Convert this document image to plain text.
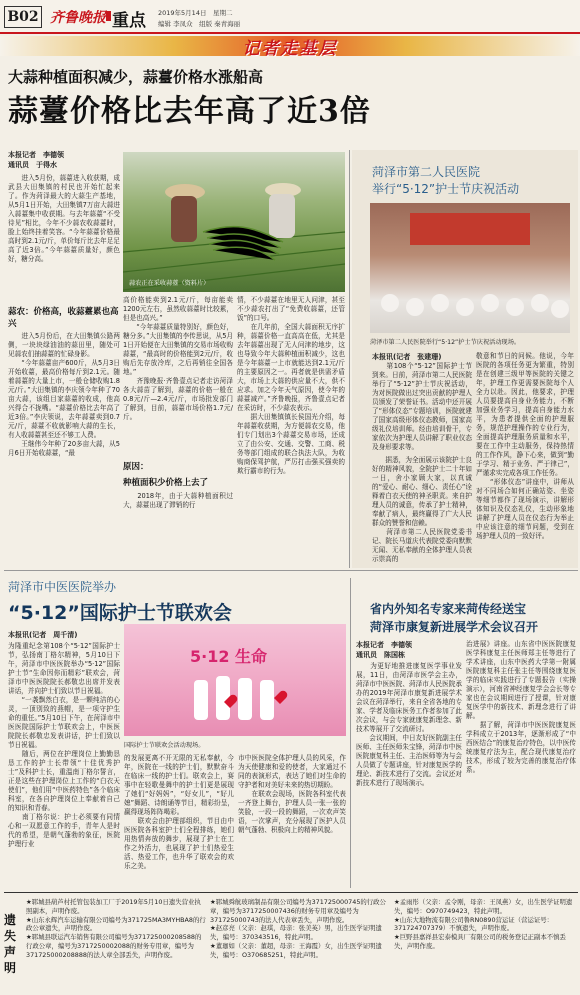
B02 齐鲁晚报 重点 2019年5月14日　星期二
编辑 李凤众　组版 秦青海丽
记者走基层
大蒜种植面积减少，蒜薹价格水涨船高
蒜薹价格比去年高了近3倍
本报记者　李德领
通讯员　于得水
　　进入5月份，蒜薹进入收获期，成武县大田集镇的村民也开始忙起来了。作为菏泽最大的大蒜生产基地，从5月1日开始，大田集镇7万亩大蒜进入蒜薹集中收获期。与去年蒜薹“不受待见”相比，今年不少蒜农收蒜薹时，脸上始终挂着笑容。“今年蒜薹价格最高时到2.1元/斤，单价每斤比去年足足高了近3倍。”今年蒜薹质量好，颜色好，糖分高。
蒜农：价格高，收蒜薹累也高兴
　　进入5月份后，在大田集镇公路两侧，一块块绿油油的蒜田里，随处可见蒜农们抽蒜薹的忙碌身影。
　　“今年蒜薹亩产600斤，从5月3日开始收薹，最高价格每斤到2.1元。随着蒜薹的大量上市，一般仓储收购1.8元/斤。”大田集镇的李庆领今年种了70亩大蒜，该组目家蒜薹的收成，他高兴得合不拢嘴。“蒜薹价格比去年高了近3倍。”李庆领说，去年蒜薹卖到0.7元/斤，蒜薹不收就影响大蒜的生长，有人收蒜薹甚至还不够工人费。
　　王继伟今年种了20多亩大蒜，从5月6日开始收蒜薹，“最
蒜农正在采收蒜薹（资料片）
高价格能卖到2.1元/斤，每亩能卖1200元左右，虽然收蒜薹时比较累，但是也高兴。”
　　“今年蒜薹质量特别好，颜色好，糖分多。”大田集镇的李传思说，从5月1日开始便在大田集镇的交易市场收购蒜薹，“最高时的价格能到2元/斤，收购后先存放冷库，之后再销往全国各地。”
　　齐豫晚报·齐鲁壹点记者走访菏泽各大蒜苗了解到，蒜薹的价格一般在0.8元/斤—2.4元/斤，市场批发部门了解到，目前，蒜薹市场价格1.7元/斤。
原因：
种植面积少价格上去了
　　2018年，由于大蒜种植面积过大，蒜薹出现了滞销的行
情，不少蒜薹在地里无人问津，甚至不少蒜农打出了“免费收蒜薹，还管饭”的口号。
　　在几年前，全国大蒜面积无序扩种，蒜薹价格一直高高在低，尤其是去年蒜薹出现了无人问津的地步，这也导致今年大蒜种植面积减少，这也是今年蒜薹一上市就能达到2.1元/斤的主要原因之一。再者就是供需矛盾大，市场上大蒜的供应量不大，供不应求。加之今年天气原因，使今年的蒜薹减产。”齐鲁晚报，齐鲁壹点记者在采访时，不少蒜农表示。
　　据大田集镇镇长侯国光介绍，每年蒜薹收获期，为方便蒜农交易，他们专门划出3个蒜薹交易市场，还成立了由公安、交通、交警、工商、税务等部门组成的联合执法大队，为收购商保驾护航，严厉打击强买强卖的欺行霸市的行为。
菏泽市第二人民医院
举行“5·12”护士节庆祝活动
菏泽市第二人民医院举行“5·12”护士节庆祝活动现场。
本报讯(记者　张建珊)
　　第108个“5·12”国际护士节到来。日前，菏泽市第二人民医院举行了“5·12”护士节庆祝活动，为对医院做出过突出贡献的护理人员颁发了荣誉证书。活动中还开展了“形体仪态”专题培训，医院就建了国家高级形体仪态教师，国家高级礼仪培训师。经由培训骨干，专家依次为护理人员讲解了职业仪态及身形要求等。
　　据悉，为全面展示该院护士良好的精神风貌，全院护士二十年如一日，舍小家顾大家，以真诚的“爱心、耐心、细心、责任心”诠释着白衣天使的神圣职责。来自护理人员的诚意，传承了护士精神，奉献了病人，最终赢得了广大人民群众的赞誉和信赖。
　　菏泽市第二人民医院党委书记、院长马道庆代表院党委向默默无闻、无私奉献的全体护理人员表示崇高的
敬意和节日的问候。他说，今年医院的各项任务更为繁重，特别是在创建三级甲等医院的关键之年，护理工作更需要医院每个人全力以赴。因此，他要求，护理人员要提高自身业务能力，不断加强业务学习，提高自身能力水平，为患者提供全面的护理服务，规范护理操作的专业行为，全面提高护理服务质量和水平，要在工作中主动服务，保持热情的工作作风，静下心来，做到“勤于学习、精于业务、严于律己”，严谨求实完成各项工作任务。
　　“形体仪态”讲座中，讲师从对不同场合如何正确站姿、坐姿等细节都作了现场演示，讲解形体知识及仪态礼仪，生动形象地讲解了护理人员在仪态行为举止中应该注意的细节问题，受到在场护理人员的一致好评。
菏泽市中医医院举办
“5·12”国际护士节联欢会
本报讯(记者　周千清)
为隆重纪念第108个“5·12”国际护士节，弘扬南丁格尔精神，5月10日下午，菏泽市中医医院举办“5·12”国际护士节“生命因你而精彩”联欢会，菏泽市中医医院院长郝敬忠出席并发表讲话，并向护士们致以节日祝福。
　　“一袭飘然白衣，是一颗纯洁的心灵，一顶别致的燕帽，是一项守护生命的重任。”5月10日下午，在菏泽市中医医院国际护士节联欢会上，中医医院院长郝敬忠发表讲话，护士们致以节日祝福。
　　随后，两位在护理岗位上勤勤恳恳工作的护士长带领“十佳优秀护士”及科护士长，重温南丁格尔誓言，正是这些在护理岗位上工作的“白衣天使们”，他们用“中医药特色”各个临床科室，在各自护理岗位上奉献着自己的知识和青春。
　　南丁格尔说：护士必须要有同情心和一双愿意工作的手，青年人是时代的希望，是朝气蓬勃的象征，医院护理行业
5·12 生命
国际护士节联欢会活动现场。
的发展更离不开无限的无私奉献，今年，医院在一线的护士们，默默奋斗在临床一线的护士们。联欢会上，赛事中在轻歌曼舞中的护士们更是展现了她们“好妈妈”，“好女儿”，“好儿媳”舞蹈、诗朗诵等节目，精彩纷呈，赢得现场阵阵喝彩。
　　联欢会由护理部组织，节目由中医医院各科室护士们全程排练，她们用热情奔放的舞步，展现了护士在工作之外活力，也展现了护士们热爱生活、热爱工作，也升华了联欢会的欢乐之美。
市中医医院全体护理人员的风采，作为天使健康和爱的使者，大家通过不同的表演形式，表达了她们对生命的守护者和对美好未来的热切期盼。
　　在联欢会现场，医院各科室代表一齐登上舞台，护理人员一张一张的笑脸，一段一段的舞蹈，一次欢声笑语，一次掌声，充分展现了医护人员朝气蓬勃、积极向上的精神风貌。
省内外知名专家来菏传经送宝
菏泽市康复新进展学术会议召开
本报记者　李德领
通讯员　陈国栋
　　为更好地推进康复医学事业发展，11日，由菏泽市医学会主办，菏泽市中医医院、菏泽市人民医院承办的2019年菏泽市康复新进展学术会议在菏泽举行，来自全省各地的专家、学者及临床医务工作者参加了此次会议，与会专家就康复新理念、新技术等展开了交流研讨。
　　会议期间，中日友好医院副主任医师、主任医师朱宝锋，菏泽市中医医院康复科主任、主治医师等为与会人员做了专题讲座，针对康复医学的理论、新技术进行了交流。会议还对新技术进行了现场演示。
治进展》讲座。山东省中医医院康复医学科康复主任医师郑主任等进行了学术讲座，山东中医药大学第一附属医院康复科主任张主任等围绕康复医学的临床实践进行了专题报告（实操演示），河南省神经康复学会会长等专家也在会议期间进行了授课，针对康复医学中的新技术、新理念进行了讲解。
　　据了解，菏泽市中医医院康复医学科成立于2013年，逐渐形成了“中西医结合”的康复治疗特色，以中医传统康复疗法为主，配合现代康复治疗技术，形成了较为完善的康复治疗体系。
遗失声明
★郓城县葫芦村托管包装加工厂于2019年5月10日遗失营业执照副本，声明作废。
★山东永辉汽车运输有限公司编号为371725MA3MYHBA8的行政公章遗失，声明作废。
★郓城县联运汽车销售有限公司编号为371725000208588的行政公章，编号为3717250002088的财务专用章，编号为371725000208888的法人章全部丢失，声明作废。
★郓城舜航玻璃制品有限公司编号为371725000745的行政公章，编号为3717250007436的财务专用章及编号为371725000743的法人代表章丢失，声明作废。
★赵彦亮（父亲：赵琪，母亲：张美英）男，出生医学证明遗失，编号：370343516，特此声明。
★董珈如（父亲：董超，母亲：王海霞）女，出生医学证明遗失，编号：O370685251，特此声明。
★孟雨彤（父亲：孟令刚，母亲：王凤燕）女，出生医学证明遗失，编号：O970749423，特此声明。
★山东大地物流有限公司鲁RN0890营运证（营运证号：371724707379）不慎遗失，声明作废。
★巨野县嘉祥县宏泰模具厂有限公司的税务登记正副本不慎丢失，声明作废。
